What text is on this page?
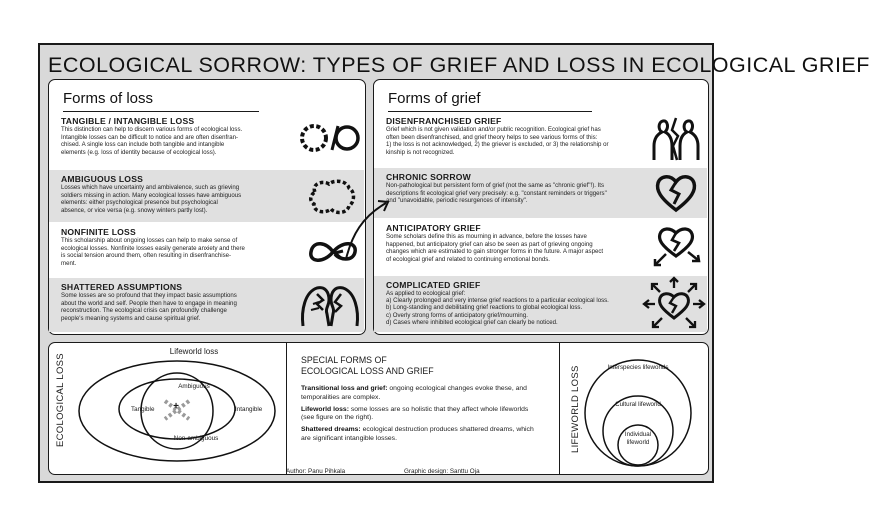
ECOLOGICAL SORROW: TYPES OF GRIEF AND LOSS IN ECOLOGICAL GRIEF
Forms of loss
TANGIBLE / INTANGIBLE LOSS

This distinction can help to discern various forms of ecological loss.

Intangible losses can be difficult to notice and are often disenfran-

chised. A single loss can include both tangible and intangible

elements (e.g. loss of identity because of ecological loss).

AMBIGUOUS LOSS

Losses which have uncertainty and ambivalence, such as grieving

soldiers missing in action. Many ecological losses have ambiguous

elements: either psychological presence but psychological

absence, or vice versa (e.g. snowy winters partly lost).

NONFINITE LOSS

This scholarship about ongoing losses can help to make sense of

ecological losses. Nonfinite losses easily generate anxiety and there

is social tension around them, often resulting in disenfranchise-

ment.

SHATTERED ASSUMPTIONS

Some losses are so profound that they impact basic assumptions

about the world and self. People then have to engage in meaning

reconstruction. The ecological crisis can profoundly challenge

people's meaning systems and cause spiritual grief.

Forms of grief
DISENFRANCHISED GRIEF

Grief which is not given validation and/or public recognition. Ecological grief has

often been disenfranchised, and grief theory helps to see various forms of this:

1) the loss is not acknowledged, 2) the griever is excluded, or 3) the relationship or

kinship is not recognized.

CHRONIC SORROW

Non-pathological but persistent form of grief (not the same as "chronic grief"!). Its

descriptions fit ecological grief very precisely: e.g. "constant reminders or triggers"

and "unavoidable, periodic resurgences of intensity".

ANTICIPATORY GRIEF

Some scholars define this as mourning in advance, before the losses have

happened, but anticipatory grief can also be seen as part of grieving ongoing

changes which are estimated to gain stronger forms in the future. A major aspect

of ecological grief and related to continuing emotional bonds.

COMPLICATED GRIEF

As applied to ecological grief:

a) Clearly prolonged and very intense grief reactions to a particular ecological loss.

b) Long-standing and debilitating grief reactions to global ecological loss.

c) Overly strong forms of anticipatory grief/mourning.

d) Cases where inhibited ecological grief can clearly be noticed.

ECOLOGICAL LOSS
Lifeworld loss
Ambiguous
Tangible	Intangible
Non-ambiguous
+
SPECIAL FORMS OF
ECOLOGICAL LOSS AND GRIEF

Transitional loss and grief: ongoing ecological changes evoke these, and temporalities are complex.

Lifeworld loss: some losses are so holistic that they affect whole lifeworlds (see figure on the right).

Shattered dreams: ecological destruction produces shattered dreams, which are significant intangible losses.	LIFEWORLD LOSS	Interspecies lifeworlds
Cultural lifeworld
Individual lifeworld
Author: Panu Pihkala	Graphic design: Santtu Oja
